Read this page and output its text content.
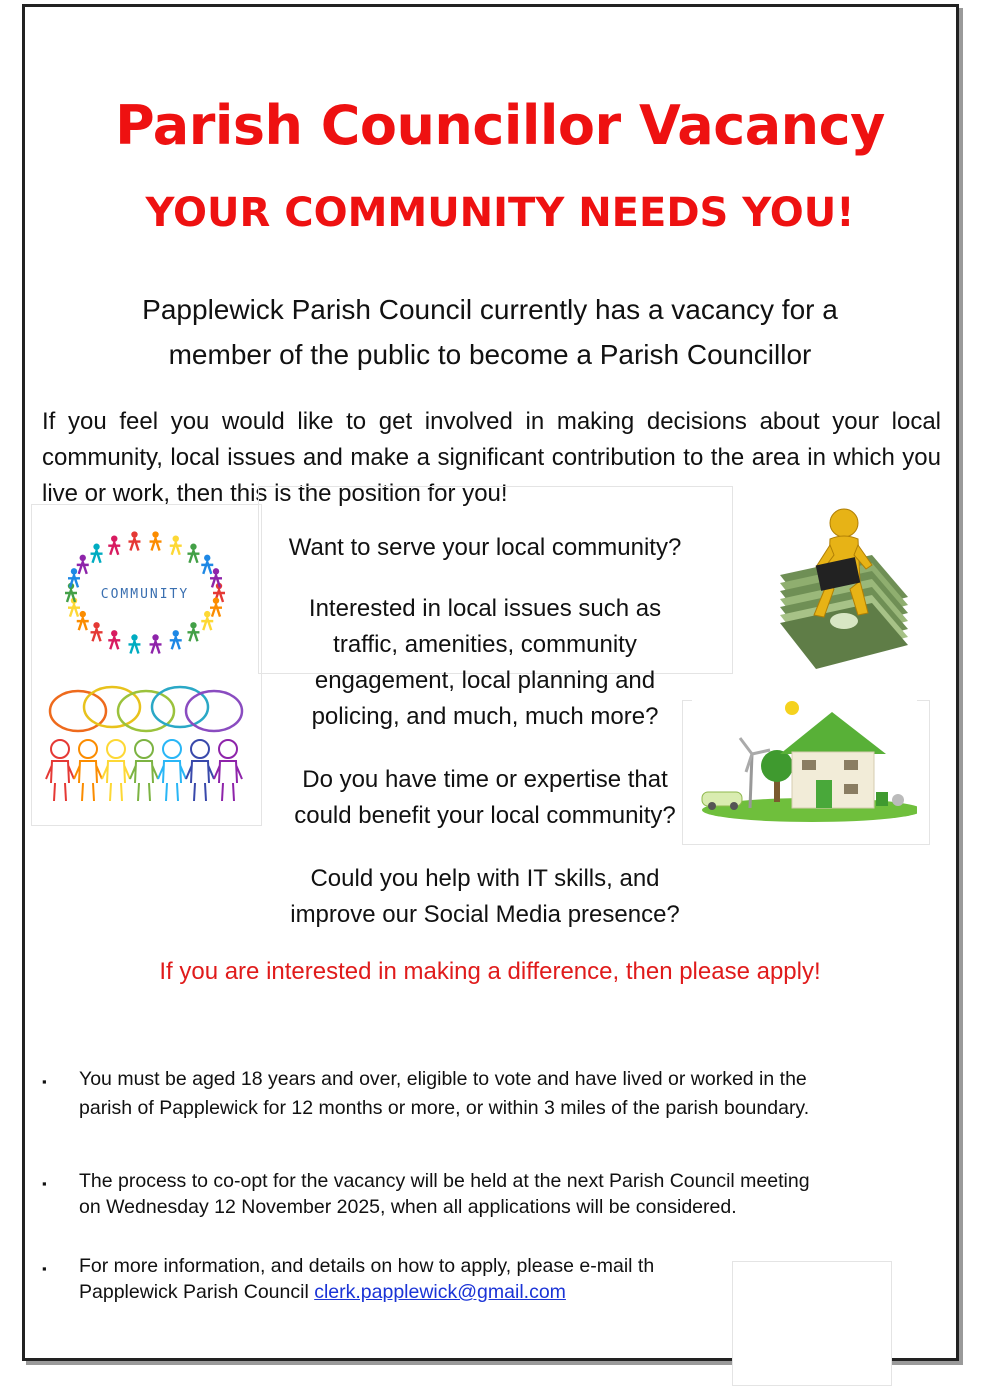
Parish Councillor Vacancy
YOUR COMMUNITY NEEDS YOU!
Papplewick Parish Council currently has a vacancy for a
member of the public to become a Parish Councillor
If you feel you would like to get involved in making decisions about your local community, local issues and make a significant contribution to the area in which you live or work, then this is the position for you!
COMMUNITY
Want to serve your local community?
Interested in local issues such as
traffic, amenities, community
engagement, local planning and
policing, and much, much more?
Do you have time or expertise that
could benefit your local community?
Could you help with IT skills, and
improve our Social Media presence?
If you are interested in making a difference, then please apply!
▪ You must be aged 18 years and over, eligible to vote and have lived or worked in the
parish of Papplewick for 12 months or more, or within 3 miles of the parish boundary.
▪ The process to co-opt for the vacancy will be held at the next Parish Council meeting
on Wednesday 12 November 2025, when all applications will be considered.
▪ For more information, and details on how to apply, please e-mail th
Papplewick Parish Council clerk.papplewick@gmail.com
